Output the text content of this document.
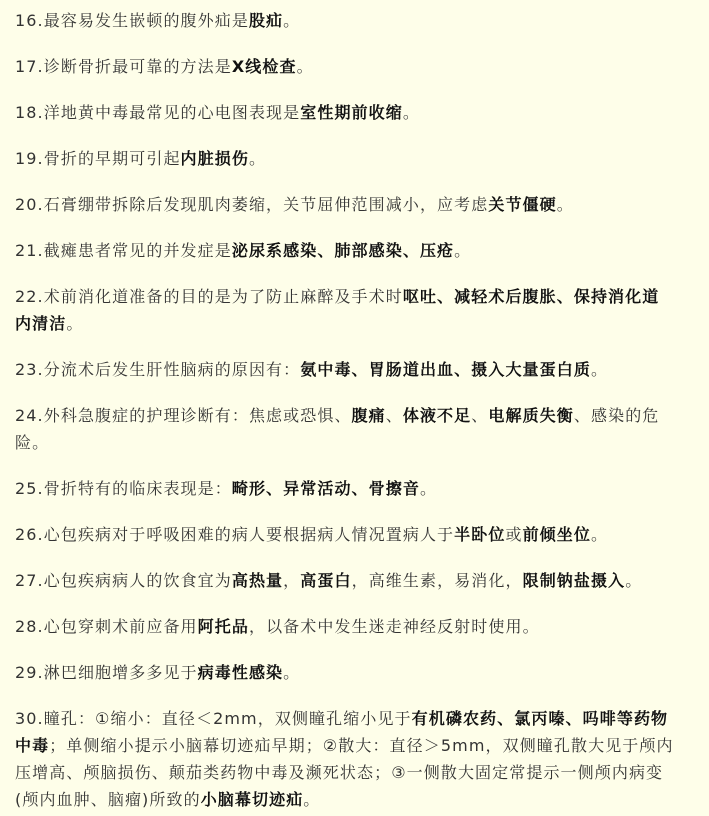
16.最容易发生嵌顿的腹外疝是股疝。
17.诊断骨折最可靠的方法是X线检查。
18.洋地黄中毒最常见的心电图表现是室性期前收缩。
19.骨折的早期可引起内脏损伤。
20.石膏绷带拆除后发现肌肉萎缩，关节屈伸范围减小，应考虑关节僵硬。
21.截瘫患者常见的并发症是泌尿系感染、肺部感染、压疮。
22.术前消化道准备的目的是为了防止麻醉及手术时呕吐、减轻术后腹胀、保持消化道
内清洁。
23.分流术后发生肝性脑病的原因有：氨中毒、胃肠道出血、摄入大量蛋白质。
24.外科急腹症的护理诊断有：焦虑或恐惧、腹痛、体液不足、电解质失衡、感染的危
险。
25.骨折特有的临床表现是：畸形、异常活动、骨擦音。
26.心包疾病对于呼吸困难的病人要根据病人情况置病人于半卧位或前倾坐位。
27.心包疾病病人的饮食宜为高热量，高蛋白，高维生素，易消化，限制钠盐摄入。
28.心包穿刺术前应备用阿托品，以备术中发生迷走神经反射时使用。
29.淋巴细胞增多多见于病毒性感染。
30.瞳孔：①缩小：直径＜2mm，双侧瞳孔缩小见于有机磷农药、氯丙嗪、吗啡等药物
中毒；单侧缩小提示小脑幕切迹疝早期；②散大：直径＞5mm，双侧瞳孔散大见于颅内
压增高、颅脑损伤、颠茄类药物中毒及濒死状态；③一侧散大固定常提示一侧颅内病变
(颅内血肿、脑瘤)所致的小脑幕切迹疝。
